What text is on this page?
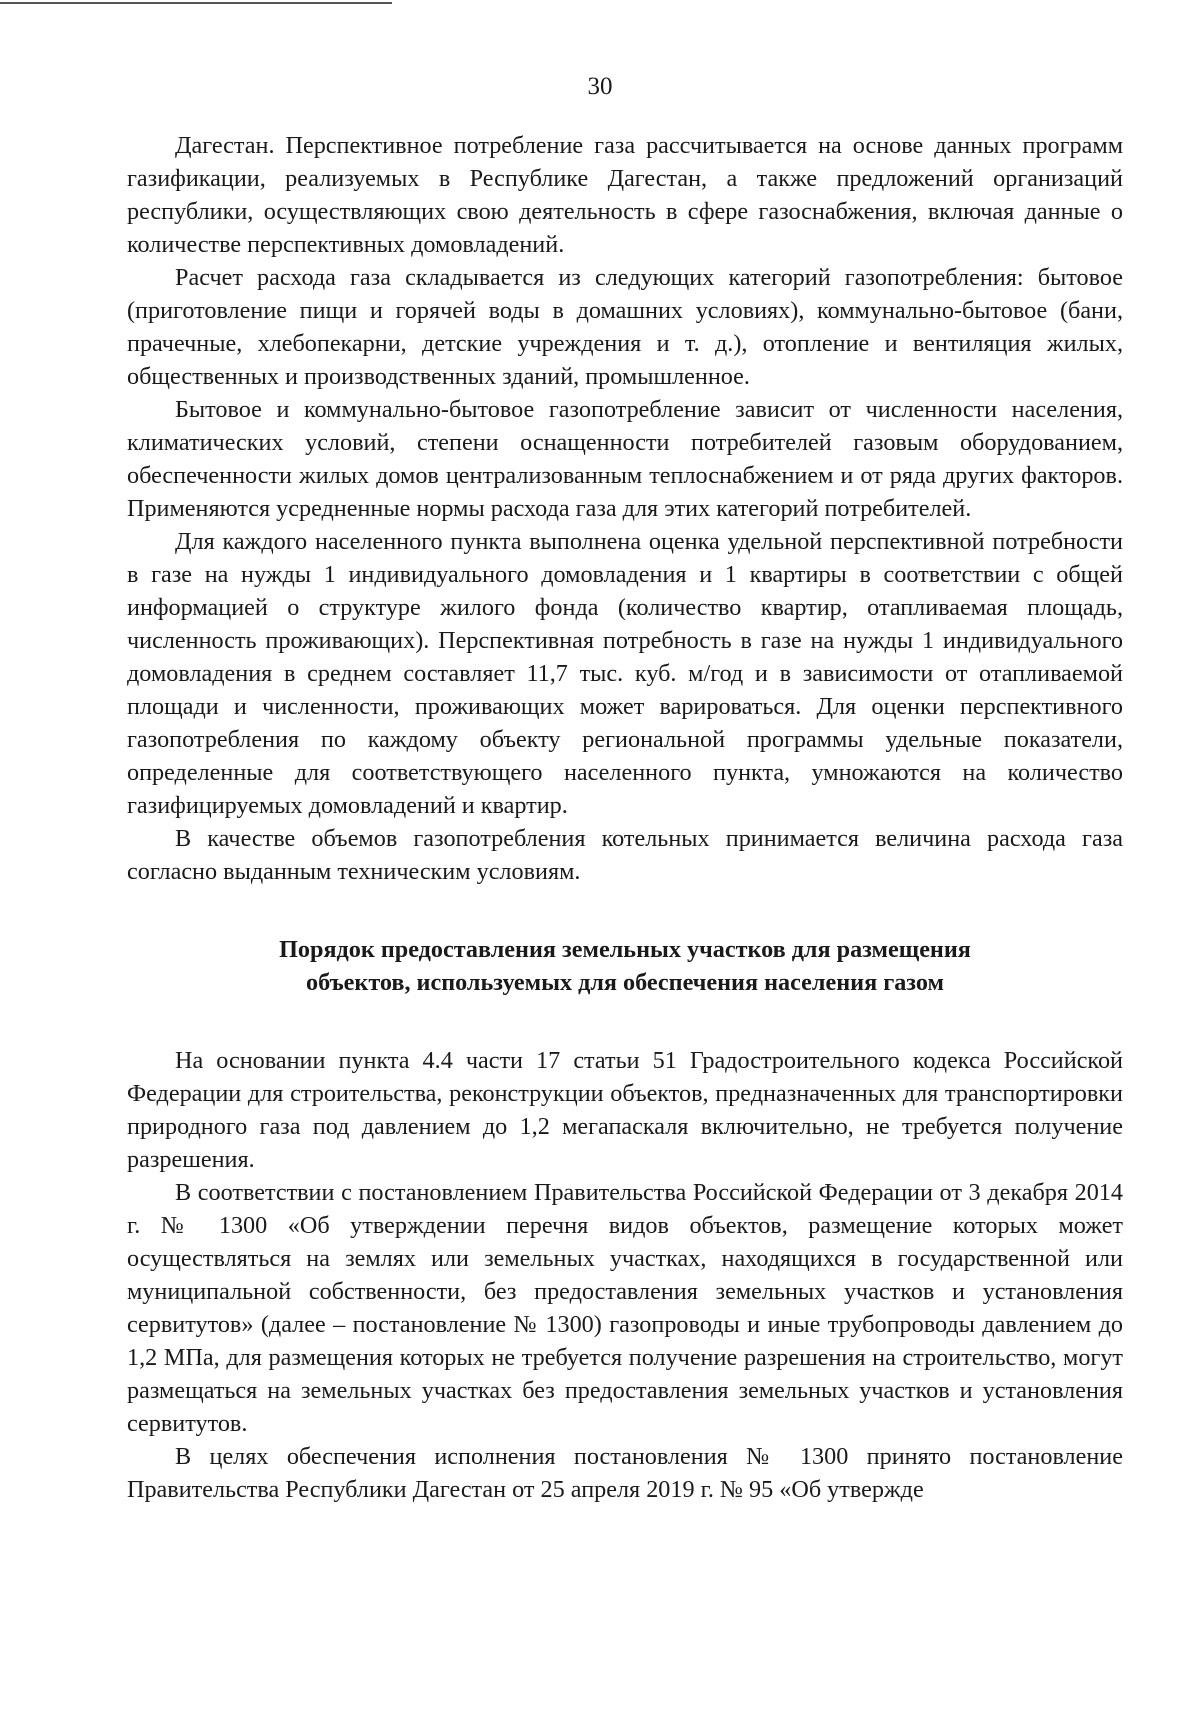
30

Дагестан. Перспективное потребление газа рассчитывается на основе данных программ газификации, реализуемых в Республике Дагестан, а также предложений организаций республики, осуществляющих свою деятельность в сфере газоснабжения, включая данные о количестве перспективных домовладений.

Расчет расхода газа складывается из следующих категорий газопотребления: бытовое (приготовление пищи и горячей воды в домашних условиях), коммунально-бытовое (бани, прачечные, хлебопекарни, детские учреждения и т. д.), отопление и вентиляция жилых, общественных и производственных зданий, промышленное.

Бытовое и коммунально-бытовое газопотребление зависит от численности населения, климатических условий, степени оснащенности потребителей газовым оборудованием, обеспеченности жилых домов централизованным теплоснабжением и от ряда других факторов. Применяются усредненные нормы расхода газа для этих категорий потребителей.

Для каждого населенного пункта выполнена оценка удельной перспективной потребности в газе на нужды 1 индивидуального домовладения и 1 квартиры в соответствии с общей информацией о структуре жилого фонда (количество квартир, отапливаемая площадь, численность проживающих). Перспективная потребность в газе на нужды 1 индивидуального домовладения в среднем составляет 11,7 тыс. куб. м/год и в зависимости от отапливаемой площади и численности, проживающих может варироваться. Для оценки перспективного газопотребления по каждому объекту региональной программы удельные показатели, определенные для соответствующего населенного пункта, умножаются на количество газифицируемых домовладений и квартир.

В качестве объемов газопотребления котельных принимается величина расхода газа согласно выданным техническим условиям.

Порядок предоставления земельных участков для размещения
объектов, используемых для обеспечения населения газом

На основании пункта 4.4 части 17 статьи 51 Градостроительного кодекса Российской Федерации для строительства, реконструкции объектов, предназначенных для транспортировки природного газа под давлением до 1,2 мегапаскаля включительно, не требуется получение разрешения.

В соответствии с постановлением Правительства Российской Федерации от 3 декабря 2014 г. № 1300 «Об утверждении перечня видов объектов, размещение которых может осуществляться на землях или земельных участках, находящихся в государственной или муниципальной собственности, без предоставления земельных участков и установления сервитутов» (далее – постановление № 1300) газопроводы и иные трубопроводы давлением до 1,2 МПа, для размещения которых не требуется получение разрешения на строительство, могут размещаться на земельных участках без предоставления земельных участков и установления сервитутов.

В целях обеспечения исполнения постановления № 1300 принято постановление Правительства Республики Дагестан от 25 апреля 2019 г. № 95 «Об утвержде
